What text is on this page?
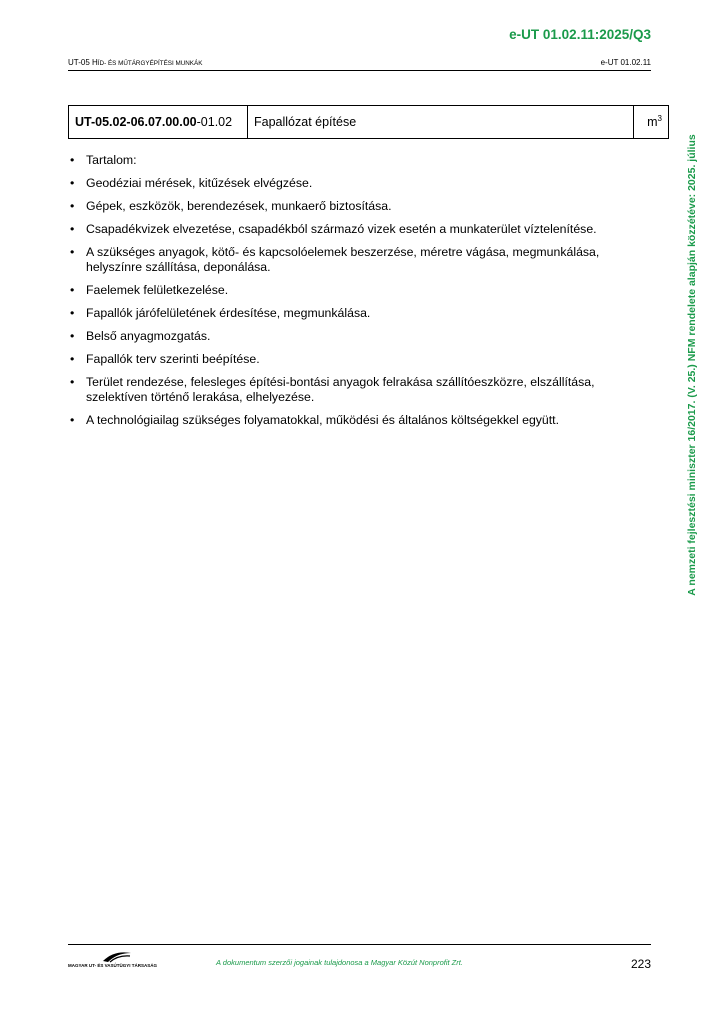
e-UT 01.02.11:2025/Q3
UT-05 HÍD- ÉS MŰTÁRGYÉPÍTÉSI MUNKÁK	e-UT 01.02.11
A nemzeti fejlesztési miniszter 16/2017. (V. 25.) NFM rendelete alapján közzétéve: 2025. július
UT-05.02-06.07.00.00-01.02	Fapallózat építése	$m^3$
• Tartalom:
• Geodéziai mérések, kitűzések elvégzése.
• Gépek, eszközök, berendezések, munkaerő biztosítása.
• Csapadékvizek elvezetése, csapadékból származó vizek esetén a munkaterület víztelenítése.
• A szükséges anyagok, kötő- és kapcsolóelemek beszerzése, méretre vágása, megmunkálása, helyszínre szállítása, deponálása.
• Faelemek felületkezelése.
• Fapallók járófelületének érdesítése, megmunkálása.
• Belső anyagmozgatás.
• Fapallók terv szerinti beépítése.
• Terület rendezése, felesleges építési-bontási anyagok felrakása szállítóeszközre, elszállítása, szelektíven történő lerakása, elhelyezése.
• A technológiailag szükséges folyamatokkal, működési és általános költségekkel együtt.
MAGYAR UT- ÉS VASÚTÜGYI TÁRSASÁG	A dokumentum szerzői jogainak tulajdonosa a Magyar Közút Nonprofit Zrt.	223
